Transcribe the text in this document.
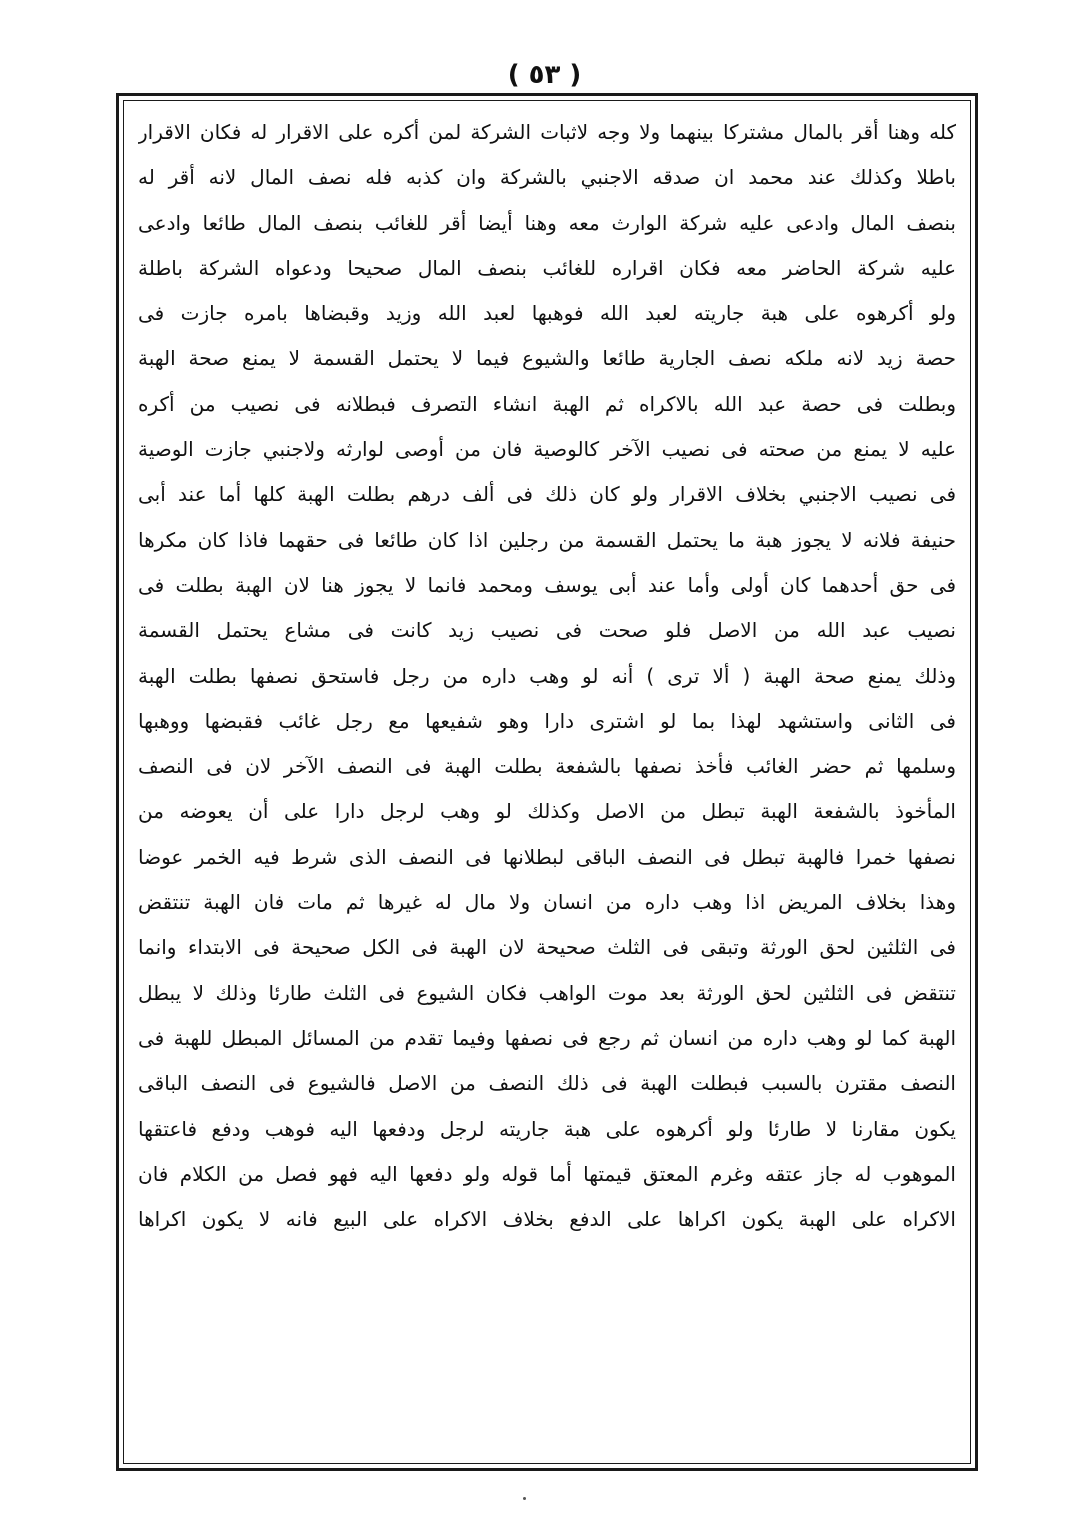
( ٥٣ )
كله وهنا أقر بالمال مشتركا بينهما ولا وجه لاثبات الشركة لمن أكره على الاقرار له فكان الاقرار
باطلا وكذلك عند محمد ان صدقه الاجنبي بالشركة وان كذبه فله نصف المال لانه أقر له
بنصف المال وادعى عليه شركة الوارث معه وهنا أيضا أقر للغائب بنصف المال طائعا وادعى
عليه شركة الحاضر معه فكان اقراره للغائب بنصف المال صحيحا ودعواه الشركة باطلة
ولو أكرهوه على هبة جاريته لعبد الله فوهبها لعبد الله وزيد وقبضاها بامره جازت فى
حصة زيد لانه ملكه نصف الجارية طائعا والشيوع فيما لا يحتمل القسمة لا يمنع صحة الهبة
وبطلت فى حصة عبد الله بالاكراه ثم الهبة انشاء التصرف فبطلانه فى نصيب من أكره
عليه لا يمنع من صحته فى نصيب الآخر كالوصية فان من أوصى لوارثه ولاجنبي جازت الوصية
فى نصيب الاجنبي بخلاف الاقرار ولو كان ذلك فى ألف درهم بطلت الهبة كلها أما عند أبى
حنيفة فلانه لا يجوز هبة ما يحتمل القسمة من رجلين اذا كان طائعا فى حقهما فاذا كان مكرها
فى حق أحدهما كان أولى وأما عند أبى يوسف ومحمد فانما لا يجوز هنا لان الهبة بطلت فى
نصيب عبد الله من الاصل فلو صحت فى نصيب زيد كانت فى مشاع يحتمل القسمة
وذلك يمنع صحة الهبة ( ألا ترى ) أنه لو وهب داره من رجل فاستحق نصفها بطلت الهبة
فى الثانى واستشهد لهذا بما لو اشترى دارا وهو شفيعها مع رجل غائب فقبضها ووهبها
وسلمها ثم حضر الغائب فأخذ نصفها بالشفعة بطلت الهبة فى النصف الآخر لان فى النصف
المأخوذ بالشفعة الهبة تبطل من الاصل وكذلك لو وهب لرجل دارا على أن يعوضه من
نصفها خمرا فالهبة تبطل فى النصف الباقى لبطلانها فى النصف الذى شرط فيه الخمر عوضا
وهذا بخلاف المريض اذا وهب داره من انسان ولا مال له غيرها ثم مات فان الهبة تنتقض
فى الثلثين لحق الورثة وتبقى فى الثلث صحيحة لان الهبة فى الكل صحيحة فى الابتداء وانما
تنتقض فى الثلثين لحق الورثة بعد موت الواهب فكان الشيوع فى الثلث طارئا وذلك لا يبطل
الهبة كما لو وهب داره من انسان ثم رجع فى نصفها وفيما تقدم من المسائل المبطل للهبة فى
النصف مقترن بالسبب فبطلت الهبة فى ذلك النصف من الاصل فالشيوع فى النصف الباقى
يكون مقارنا لا طارئا ولو أكرهوه على هبة جاريته لرجل ودفعها اليه فوهب ودفع فاعتقها
الموهوب له جاز عتقه وغرم المعتق قيمتها أما قوله ولو دفعها اليه فهو فصل من الكلام فان
الاكراه على الهبة يكون اكراها على الدفع بخلاف الاكراه على البيع فانه لا يكون اكراها
